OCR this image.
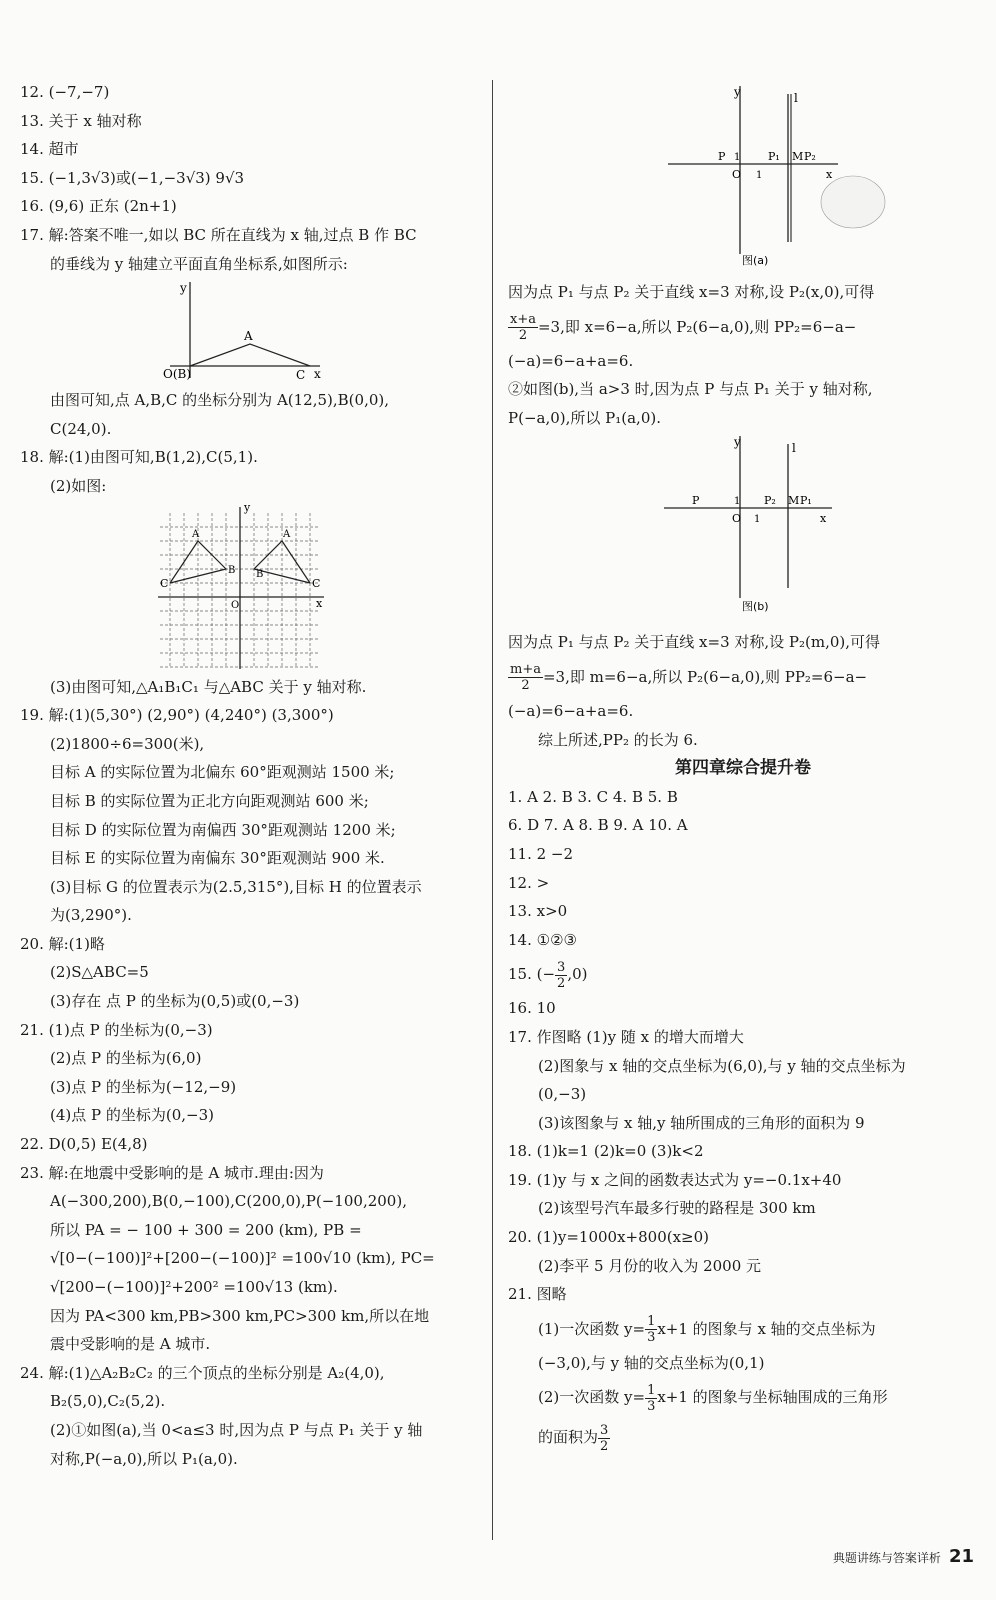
12. (−7,−7)
13. 关于 x 轴对称
14. 超市
15. (−1,3√3)或(−1,−3√3) 9√3
16. (9,6) 正东 (2n+1)
17. 解:答案不唯一,如以 BC 所在直线为 x 轴,过点 B 作 BC
的垂线为 y 轴建立平面直角坐标系,如图所示:
y
A
O(B)	C x
由图可知,点 A,B,C 的坐标分别为 A(12,5),B(0,0),
C(24,0).
18. 解:(1)由图可知,B(1,2),C(5,1).
(2)如图:
y
x
O
C
A
B
C
A
B
(3)由图可知,△A₁B₁C₁ 与△ABC 关于 y 轴对称.
19. 解:(1)(5,30°) (2,90°) (4,240°) (3,300°)
(2)1800÷6=300(米),
目标 A 的实际位置为北偏东 60°距观测站 1500 米;
目标 B 的实际位置为正北方向距观测站 600 米;
目标 D 的实际位置为南偏西 30°距观测站 1200 米;
目标 E 的实际位置为南偏东 30°距观测站 900 米.
(3)目标 G 的位置表示为(2.5,315°),目标 H 的位置表示
为(3,290°).
20. 解:(1)略
(2)S△ABC=5
(3)存在 点 P 的坐标为(0,5)或(0,−3)
21. (1)点 P 的坐标为(0,−3)
(2)点 P 的坐标为(6,0)
(3)点 P 的坐标为(−12,−9)
(4)点 P 的坐标为(0,−3)
22. D(0,5) E(4,8)
23. 解:在地震中受影响的是 A 城市.理由:因为
A(−300,200),B(0,−100),C(200,0),P(−100,200),
所以 PA = − 100 + 300 = 200 (km), PB =
√[0−(−100)]²+[200−(−100)]² =100√10 (km), PC=
√[200−(−100)]²+200² =100√13 (km).
因为 PA<300 km,PB>300 km,PC>300 km,所以在地
震中受影响的是 A 城市.
24. 解:(1)△A₂B₂C₂ 的三个顶点的坐标分别是 A₂(4,0),
B₂(5,0),C₂(5,2).
(2)①如图(a),当 0<a≤3 时,因为点 P 与点 P₁ 关于 y 轴
对称,P(−a,0),所以 P₁(a,0).
y	l
P	P₁ M P₂
1
O 1	x
图(a)
因为点 P₁ 与点 P₂ 关于直线 x=3 对称,设 P₂(x,0),可得
$\frac{x+a}{2} =3$,即 x=6−a,所以 P₂(6−a,0),则 PP₂=6−a−
(−a)=6−a+a=6.
②如图(b),当 a>3 时,因为点 P 与点 P₁ 关于 y 轴对称,
P(−a,0),所以 P₁(a,0).
y	l
P	P₂ M P₁
1
O 1	x
图(b)
因为点 P₁ 与点 P₂ 关于直线 x=3 对称,设 P₂(m,0),可得
$\frac{m+a}{2} =3$,即 m=6−a,所以 P₂(6−a,0),则 PP₂=6−a−
(−a)=6−a+a=6.
综上所述,PP₂ 的长为 6.
第四章综合提升卷
1. A 2. B 3. C 4. B 5. B
6. D 7. A 8. B 9. A 10. A
11. 2 −2
12. >
13. x>0
14. ①②③
15. (− $\frac{3}{2} ,0$)
16. 10
17. 作图略 (1)y 随 x 的增大而增大
(2)图象与 x 轴的交点坐标为(6,0),与 y 轴的交点坐标为
(0,−3)
(3)该图象与 x 轴,y 轴所围成的三角形的面积为 9
18. (1)k=1 (2)k=0 (3)k<2
19. (1)y 与 x 之间的函数表达式为 y=−0.1x+40
(2)该型号汽车最多行驶的路程是 300 km
20. (1)y=1000x+800(x≥0)
(2)李平 5 月份的收入为 2000 元
21. 图略
(1)一次函数 $y= \frac{1}{3} x+1$ 的图象与 x 轴的交点坐标为
(−3,0),与 y 轴的交点坐标为(0,1)
(2)一次函数 $y= \frac{1}{3} x+1$ 的图象与坐标轴围成的三角形
的面积为 $\frac{3}{2}$
典题讲练与答案详析 21
